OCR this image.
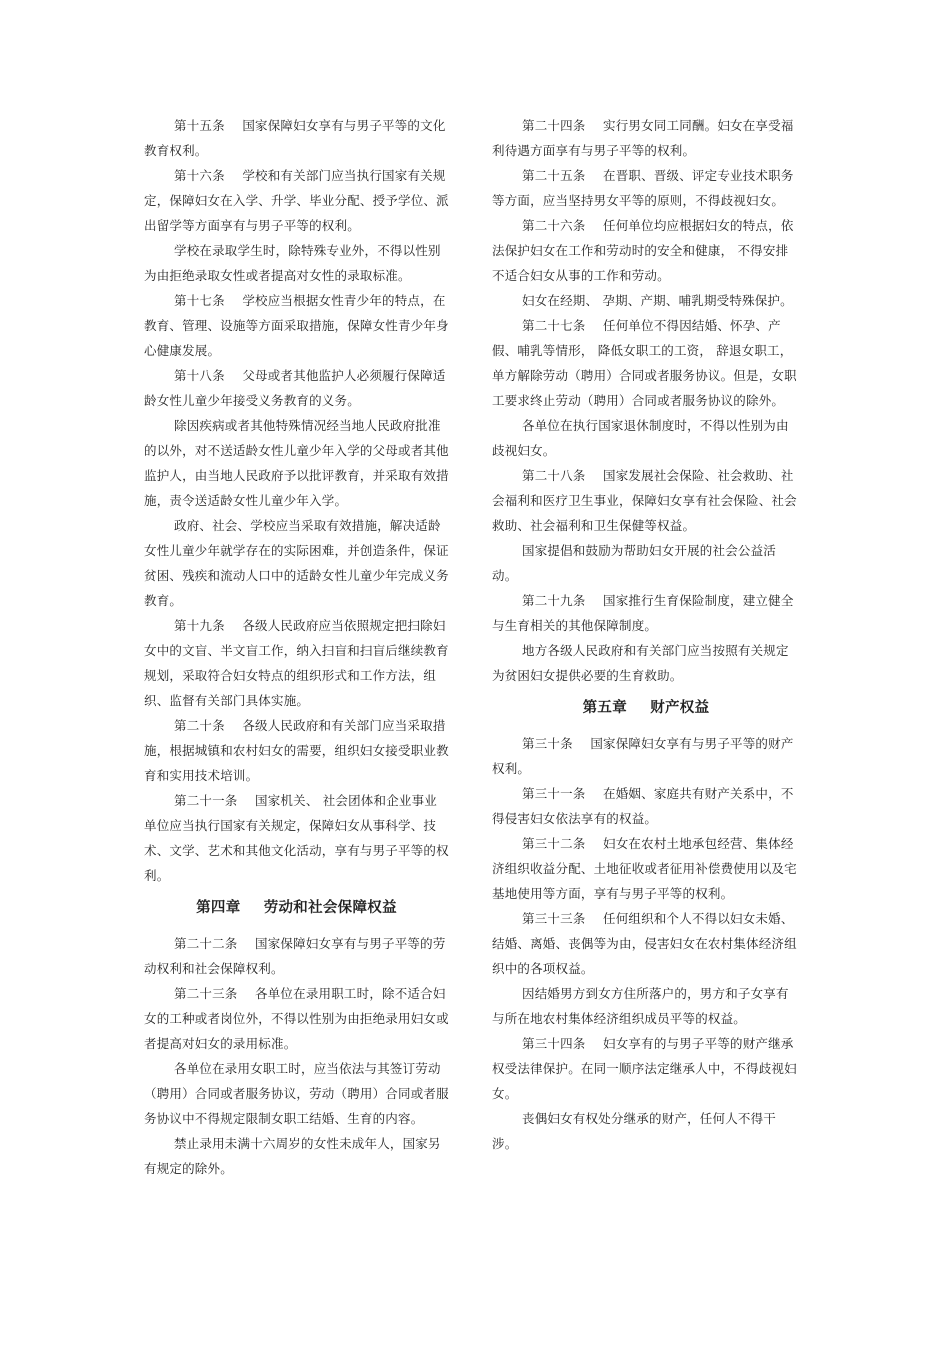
第十五条 国家保障妇女享有与男子平等的文化教育权利。

第十六条 学校和有关部门应当执行国家有关规定，保障妇女在入学、升学、毕业分配、授予学位、派出留学等方面享有与男子平等的权利。

学校在录取学生时，除特殊专业外，不得以性别为由拒绝录取女性或者提高对女性的录取标准。

第十七条 学校应当根据女性青少年的特点，在教育、管理、设施等方面采取措施，保障女性青少年身心健康发展。

第十八条 父母或者其他监护人必须履行保障适龄女性儿童少年接受义务教育的义务。

除因疾病或者其他特殊情况经当地人民政府批准的以外，对不送适龄女性儿童少年入学的父母或者其他监护人，由当地人民政府予以批评教育，并采取有效措施，责令送适龄女性儿童少年入学。

政府、社会、学校应当采取有效措施，解决适龄女性儿童少年就学存在的实际困难，并创造条件，保证贫困、残疾和流动人口中的适龄女性儿童少年完成义务教育。

第十九条 各级人民政府应当依照规定把扫除妇女中的文盲、半文盲工作，纳入扫盲和扫盲后继续教育规划，采取符合妇女特点的组织形式和工作方法，组织、监督有关部门具体实施。

第二十条 各级人民政府和有关部门应当采取措施，根据城镇和农村妇女的需要，组织妇女接受职业教育和实用技术培训。

第二十一条 国家机关、 社会团体和企业事业单位应当执行国家有关规定，保障妇女从事科学、技术、文学、艺术和其他文化活动，享有与男子平等的权利。

第四章 劳动和社会保障权益

第二十二条 国家保障妇女享有与男子平等的劳动权利和社会保障权利。

第二十三条 各单位在录用职工时，除不适合妇女的工种或者岗位外，不得以性别为由拒绝录用妇女或者提高对妇女的录用标准。

各单位在录用女职工时，应当依法与其签订劳动（聘用）合同或者服务协议，劳动（聘用）合同或者服务协议中不得规定限制女职工结婚、生育的内容。

禁止录用未满十六周岁的女性未成年人，国家另有规定的除外。

第二十四条 实行男女同工同酬。妇女在享受福利待遇方面享有与男子平等的权利。

第二十五条 在晋职、晋级、评定专业技术职务等方面，应当坚持男女平等的原则，不得歧视妇女。

第二十六条 任何单位均应根据妇女的特点，依法保护妇女在工作和劳动时的安全和健康， 不得安排不适合妇女从事的工作和劳动。

妇女在经期、 孕期、产期、哺乳期受特殊保护。

第二十七条 任何单位不得因结婚、怀孕、产假、哺乳等情形， 降低女职工的工资， 辞退女职工，单方解除劳动（聘用）合同或者服务协议。但是，女职工要求终止劳动（聘用）合同或者服务协议的除外。

各单位在执行国家退休制度时，不得以性别为由歧视妇女。

第二十八条 国家发展社会保险、社会救助、社会福利和医疗卫生事业，保障妇女享有社会保险、社会救助、社会福利和卫生保健等权益。

国家提倡和鼓励为帮助妇女开展的社会公益活动。

第二十九条 国家推行生育保险制度，建立健全与生育相关的其他保障制度。

地方各级人民政府和有关部门应当按照有关规定为贫困妇女提供必要的生育救助。

第五章 财产权益

第三十条 国家保障妇女享有与男子平等的财产权利。

第三十一条 在婚姻、家庭共有财产关系中，不得侵害妇女依法享有的权益。

第三十二条 妇女在农村土地承包经营、集体经济组织收益分配、土地征收或者征用补偿费使用以及宅基地使用等方面，享有与男子平等的权利。

第三十三条 任何组织和个人不得以妇女未婚、结婚、离婚、丧偶等为由，侵害妇女在农村集体经济组织中的各项权益。

因结婚男方到女方住所落户的，男方和子女享有与所在地农村集体经济组织成员平等的权益。

第三十四条 妇女享有的与男子平等的财产继承权受法律保护。在同一顺序法定继承人中，不得歧视妇女。

丧偶妇女有权处分继承的财产，任何人不得干涉。
